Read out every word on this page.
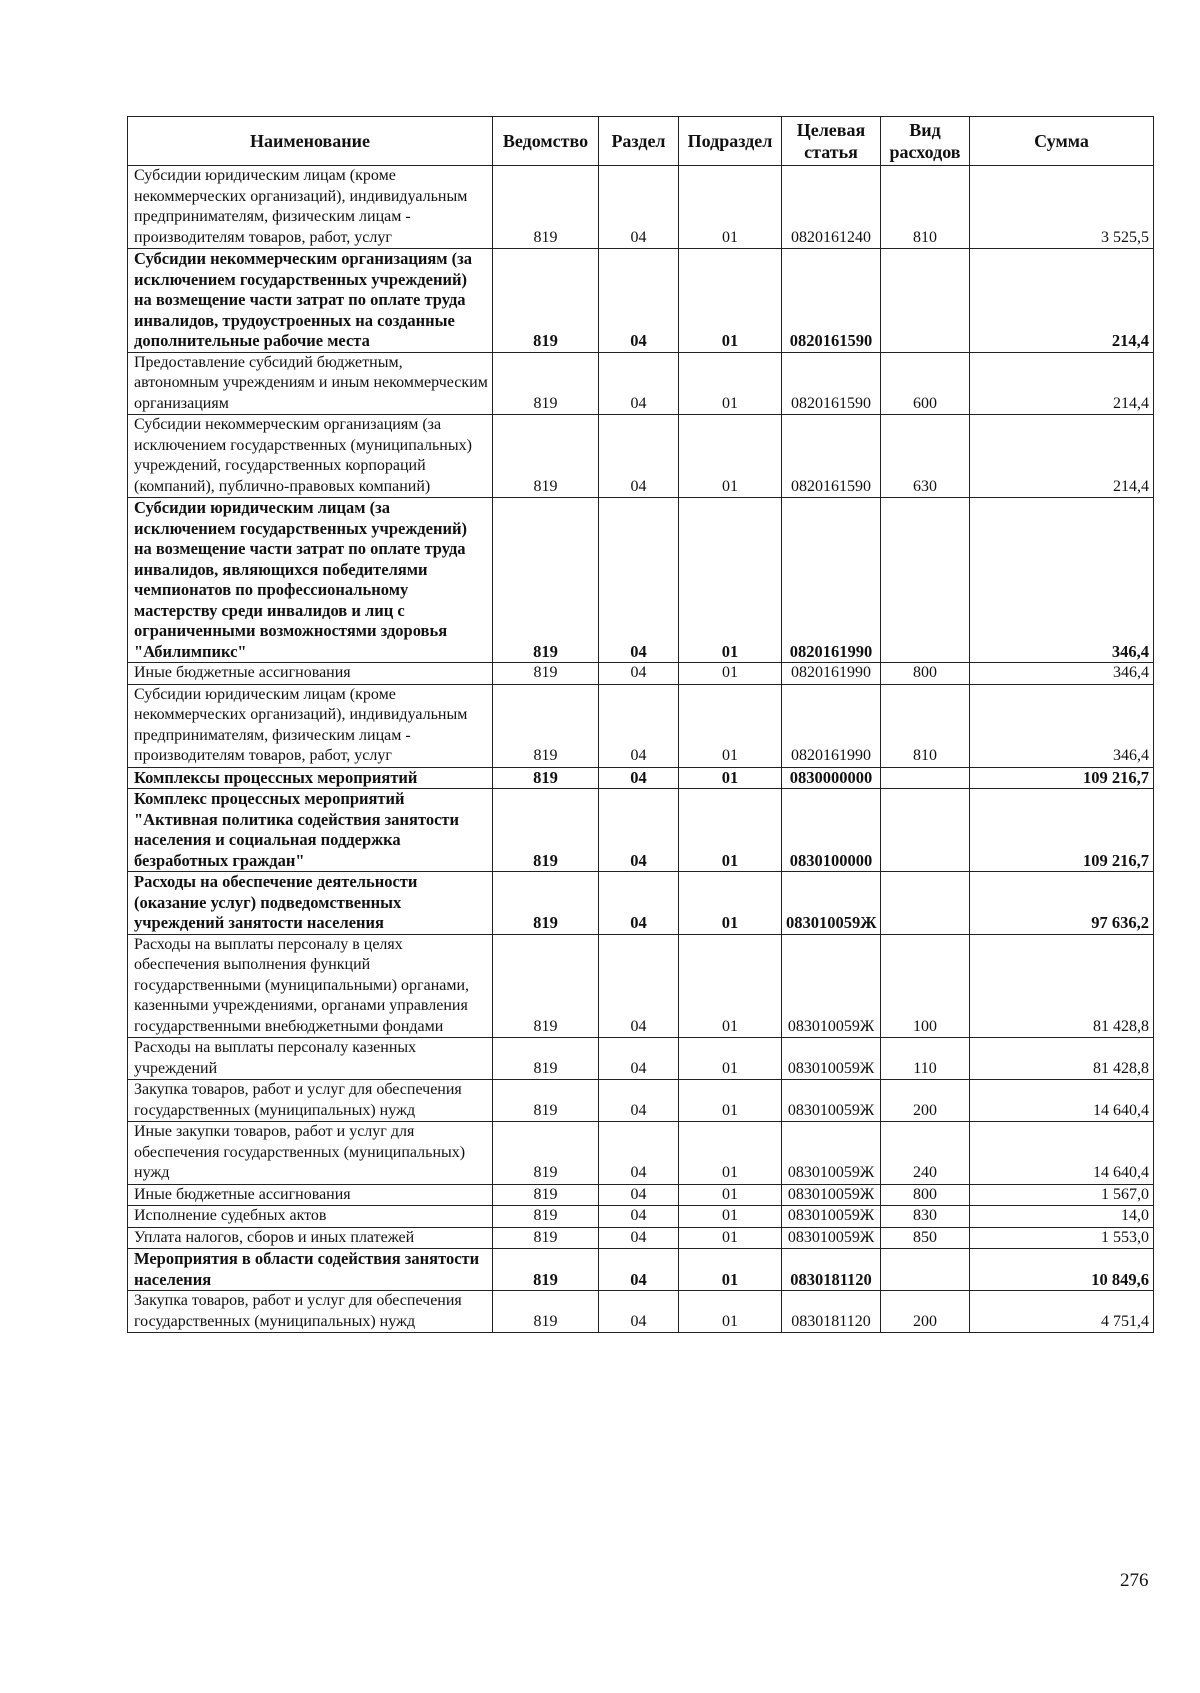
Наименование	Ведомство	Раздел	Подраздел	Целевая статья	Вид расходов	Сумма
Субсидии юридическим лицам (кроме некоммерческих организаций), индивидуальным предпринимателям, физическим лицам - производителям товаров, работ, услуг	819	04	01	0820161240	810	3 525,5
Субсидии некоммерческим организациям (за исключением государственных учреждений) на возмещение части затрат по оплате труда инвалидов, трудоустроенных на созданные дополнительные рабочие места	819	04	01	0820161590		214,4
Предоставление субсидий бюджетным, автономным учреждениям и иным некоммерческим организациям	819	04	01	0820161590	600	214,4
Субсидии некоммерческим организациям (за исключением государственных (муниципальных) учреждений, государственных корпораций (компаний), публично-правовых компаний)	819	04	01	0820161590	630	214,4
Субсидии юридическим лицам (за исключением государственных учреждений) на возмещение части затрат по оплате труда инвалидов, являющихся победителями чемпионатов по профессиональному мастерству среди инвалидов и лиц с ограниченными возможностями здоровья "Абилимпикс"	819	04	01	0820161990		346,4
Иные бюджетные ассигнования	819	04	01	0820161990	800	346,4
Субсидии юридическим лицам (кроме некоммерческих организаций), индивидуальным предпринимателям, физическим лицам - производителям товаров, работ, услуг	819	04	01	0820161990	810	346,4
Комплексы процессных мероприятий	819	04	01	0830000000		109 216,7
Комплекс процессных мероприятий "Активная политика содействия занятости населения и социальная поддержка безработных граждан"	819	04	01	0830100000		109 216,7
Расходы на обеспечение деятельности (оказание услуг) подведомственных учреждений занятости населения	819	04	01	083010059Ж		97 636,2
Расходы на выплаты персоналу в целях обеспечения выполнения функций государственными (муниципальными) органами, казенными учреждениями, органами управления государственными внебюджетными фондами	819	04	01	083010059Ж	100	81 428,8
Расходы на выплаты персоналу казенных учреждений	819	04	01	083010059Ж	110	81 428,8
Закупка товаров, работ и услуг для обеспечения государственных (муниципальных) нужд	819	04	01	083010059Ж	200	14 640,4
Иные закупки товаров, работ и услуг для обеспечения государственных (муниципальных) нужд	819	04	01	083010059Ж	240	14 640,4
Иные бюджетные ассигнования	819	04	01	083010059Ж	800	1 567,0
Исполнение судебных актов	819	04	01	083010059Ж	830	14,0
Уплата налогов, сборов и иных платежей	819	04	01	083010059Ж	850	1 553,0
Мероприятия в области содействия занятости населения	819	04	01	0830181120		10 849,6
Закупка товаров, работ и услуг для обеспечения государственных (муниципальных) нужд	819	04	01	0830181120	200	4 751,4
276
